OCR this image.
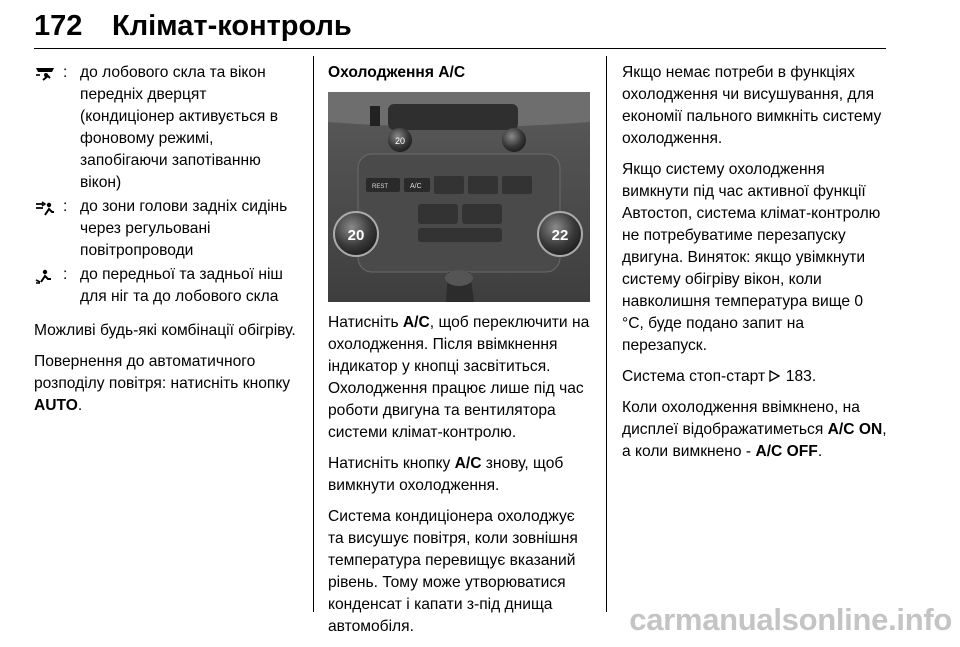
172 Клімат-контроль
: до лобового скла та вікон передніх дверцят (кондиціонер активується в фоновому режимі, запобігаючи запотіванню вікон)
: до зони голови задніх сидінь через регульовані повітропроводи
: до передньої та задньої ніш для ніг та до лобового скла

Можливі будь-які комбінації обігріву.

Повернення до автоматичного розподілу повітря: натисніть кнопку AUTO.

Охолодження A/C
20
REST	A/C
20	22

Натисніть A/C, щоб переключити на охолодження. Після ввімкнення індикатор у кнопці засвітиться. Охолодження працює лише під час роботи двигуна та вентилятора системи клімат-контролю.

Натисніть кнопку A/C знову, щоб вимкнути охолодження.

Система кондиціонера охолоджує та висушує повітря, коли зовнішня температура перевищує вказаний рівень. Тому може утворюватися конденсат і капати з-під днища автомобіля.

Якщо немає потреби в функціях охолодження чи висушування, для економії пального вимкніть систему охолодження.

Якщо систему охолодження вимкнути під час активної функції Автостоп, система клімат-контролю не потребуватиме перезапуску двигуна. Виняток: якщо увімкнути систему обігріву вікон, коли навколишня температура вище 0 °C, буде подано запит на перезапуск.

Система стоп-старт  183.

Коли охолодження ввімкнено, на дисплеї відображатиметься A/C ON, а коли вимкнено - A/C OFF.

carmanualsonline.info
